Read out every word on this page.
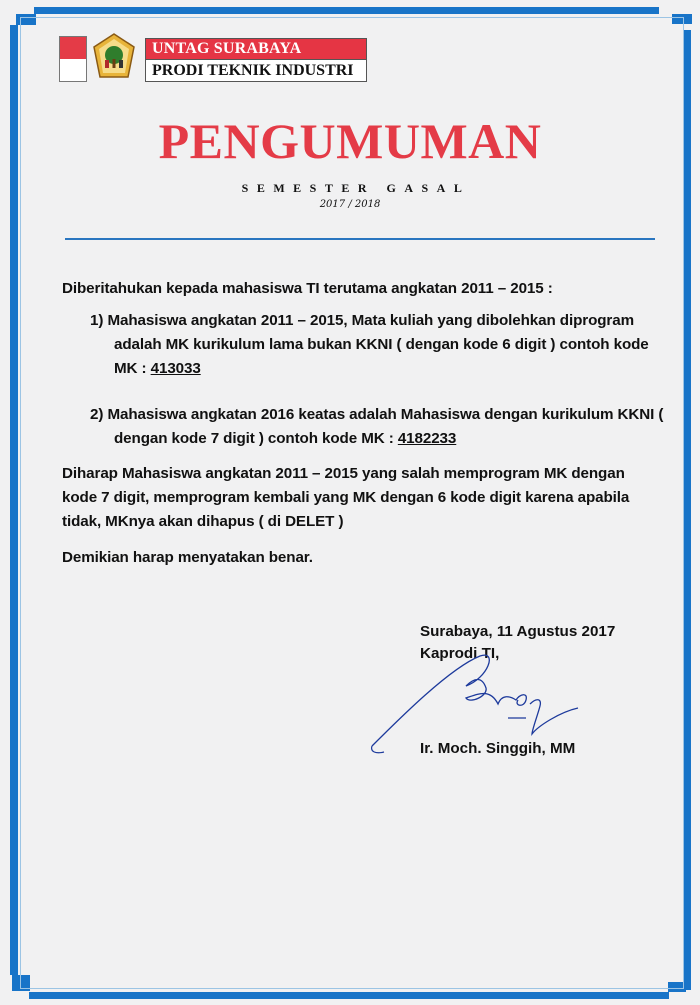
UNTAG SURABAYA
PRODI TEKNIK INDUSTRI
PENGUMUMAN
SEMESTER GASAL
2017 / 2018

Diberitahukan kepada mahasiswa TI terutama angkatan 2011 – 2015 :

1) Mahasiswa angkatan 2011 – 2015, Mata kuliah yang dibolehkan diprogram adalah MK kurikulum lama bukan KKNI ( dengan kode 6 digit ) contoh kode MK : 413033

2) Mahasiswa angkatan 2016 keatas adalah Mahasiswa dengan kurikulum KKNI ( dengan kode 7 digit ) contoh kode MK : 4182233

Diharap Mahasiswa angkatan 2011 – 2015 yang salah memprogram MK dengan kode 7 digit, memprogram kembali yang MK dengan 6 kode digit karena apabila tidak, MKnya akan dihapus ( di DELET )

Demikian harap menyatakan benar.

Surabaya, 11 Agustus 2017
Kaprodi TI,
Ir. Moch. Singgih, MM
